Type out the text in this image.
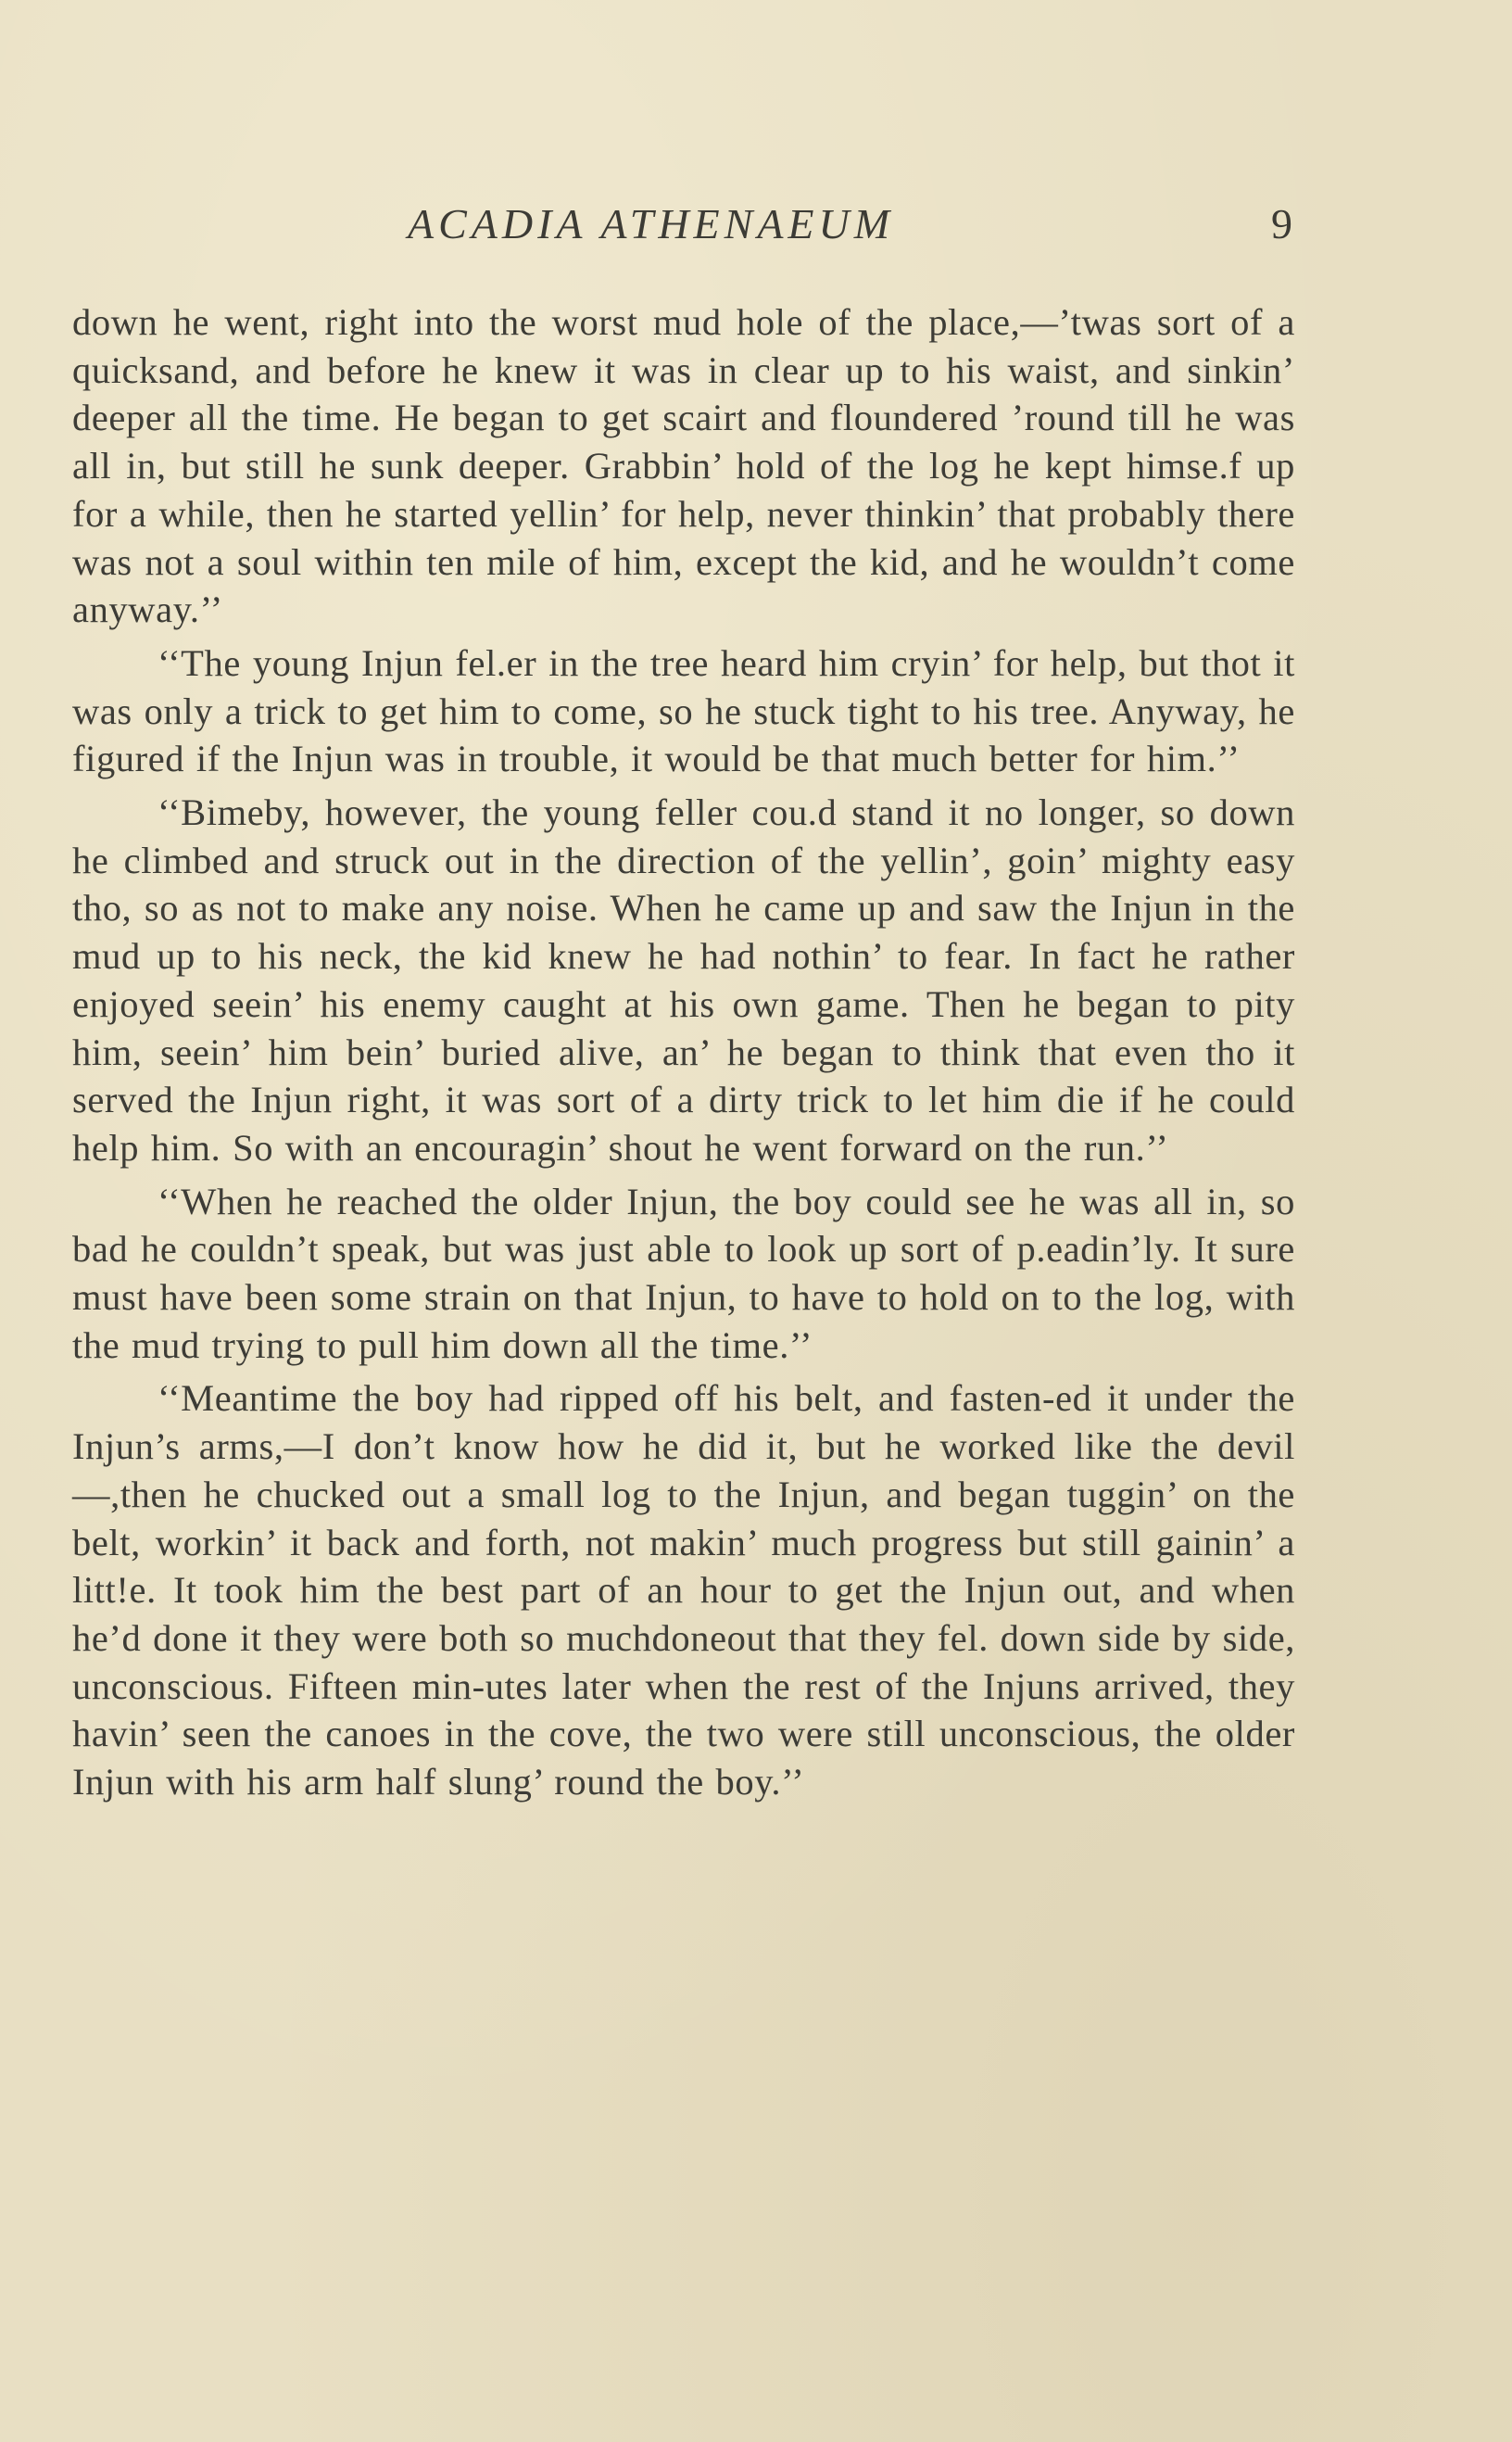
ACADIA ATHENAEUM	9

down he went, right into the worst mud hole of the place,—’twas sort of a quicksand, and before he knew it was in clear up to his waist, and sinkin’ deeper all the time. He began to get scairt and floundered ’round till he was all in, but still he sunk deeper. Grabbin’ hold of the log he kept himse.f up for a while, then he started yellin’ for help, never thinkin’ that probably there was not a soul within ten mile of him, except the kid, and he wouldn’t come anyway.’’

‘‘The young Injun fel.er in the tree heard him cryin’ for help, but thot it was only a trick to get him to come, so he stuck tight to his tree. Anyway, he figured if the Injun was in trouble, it would be that much better for him.’’

‘‘Bimeby, however, the young feller cou.d stand it no longer, so down he climbed and struck out in the direction of the yellin’, goin’ mighty easy tho, so as not to make any noise. When he came up and saw the Injun in the mud up to his neck, the kid knew he had nothin’ to fear. In fact he rather enjoyed seein’ his enemy caught at his own game. Then he began to pity him, seein’ him bein’ buried alive, an’ he began to think that even tho it served the Injun right, it was sort of a dirty trick to let him die if he could help him. So with an encouragin’ shout he went forward on the run.’’

‘‘When he reached the older Injun, the boy could see he was all in, so bad he couldn’t speak, but was just able to look up sort of p.eadin’ly. It sure must have been some strain on that Injun, to have to hold on to the log, with the mud trying to pull him down all the time.’’

‘‘Meantime the boy had ripped off his belt, and fasten-ed it under the Injun’s arms,—I don’t know how he did it, but he worked like the devil—,then he chucked out a small log to the Injun, and began tuggin’ on the belt, workin’ it back and forth, not makin’ much progress but still gainin’ a litt!e. It took him the best part of an hour to get the Injun out, and when he’d done it they were both so muchdoneout that they fel. down side by side, unconscious. Fifteen min-utes later when the rest of the Injuns arrived, they havin’ seen the canoes in the cove, the two were still unconscious, the older Injun with his arm half slung’ round the boy.’’
